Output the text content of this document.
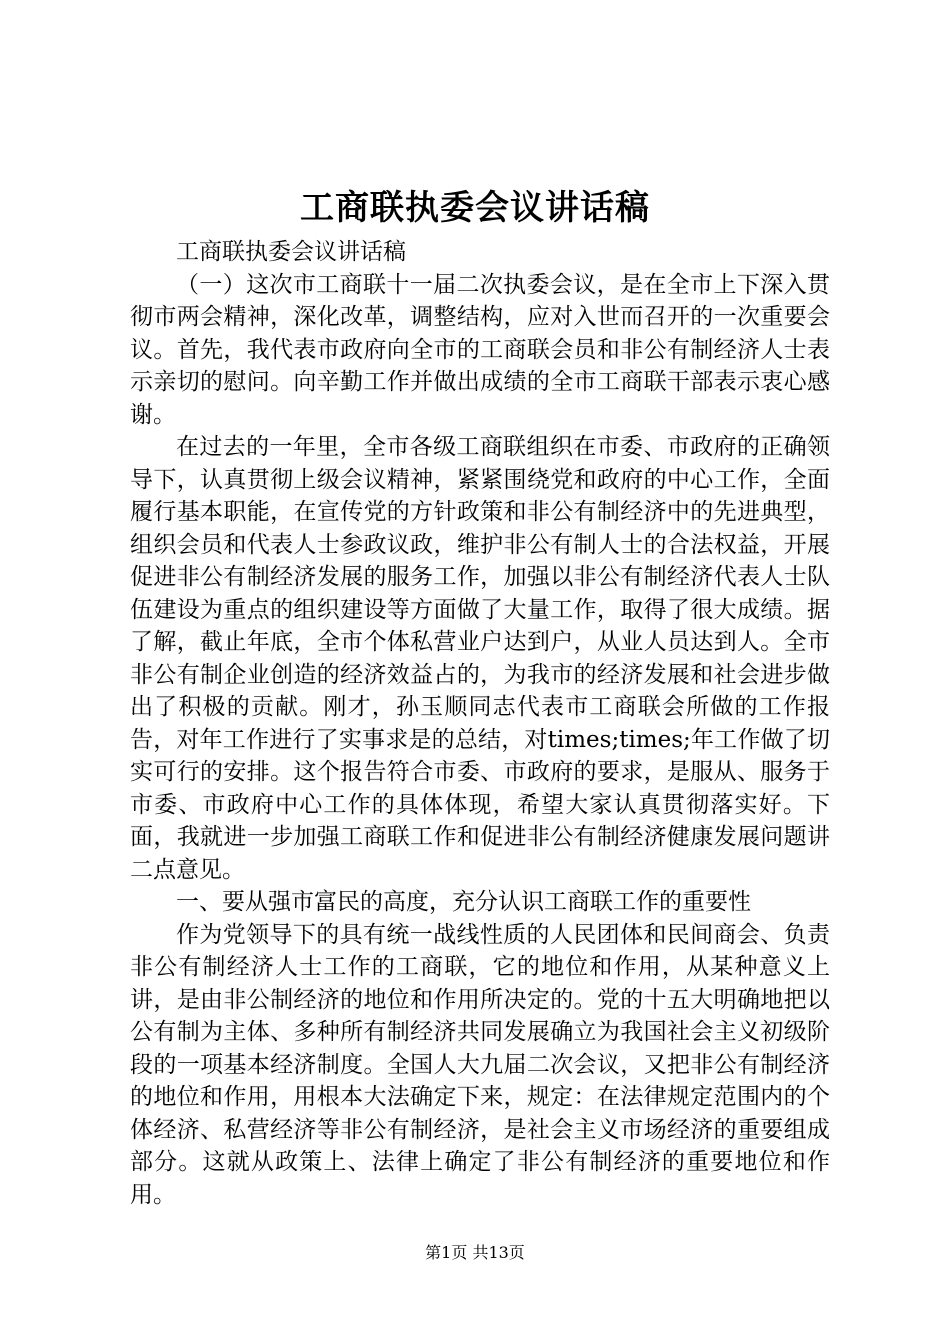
工商联执委会议讲话稿

工商联执委会议讲话稿

（一）这次市工商联十一届二次执委会议，是在全市上下深入贯彻市两会精神，深化改革，调整结构，应对入世而召开的一次重要会议。首先，我代表市政府向全市的工商联会员和非公有制经济人士表示亲切的慰问。向辛勤工作并做出成绩的全市工商联干部表示衷心感谢。

在过去的一年里，全市各级工商联组织在市委、市政府的正确领导下，认真贯彻上级会议精神，紧紧围绕党和政府的中心工作，全面履行基本职能，在宣传党的方针政策和非公有制经济中的先进典型，组织会员和代表人士参政议政，维护非公有制人士的合法权益，开展促进非公有制经济发展的服务工作，加强以非公有制经济代表人士队伍建设为重点的组织建设等方面做了大量工作，取得了很大成绩。据了解，截止年底，全市个体私营业户达到户，从业人员达到人。全市非公有制企业创造的经济效益占的，为我市的经济发展和社会进步做出了积极的贡献。刚才，孙玉顺同志代表市工商联会所做的工作报告，对年工作进行了实事求是的总结，对times;times;年工作做了切实可行的安排。这个报告符合市委、市政府的要求，是服从、服务于市委、市政府中心工作的具体体现，希望大家认真贯彻落实好。下面，我就进一步加强工商联工作和促进非公有制经济健康发展问题讲二点意见。

一、要从强市富民的高度，充分认识工商联工作的重要性

作为党领导下的具有统一战线性质的人民团体和民间商会、负责非公有制经济人士工作的工商联，它的地位和作用，从某种意义上讲，是由非公制经济的地位和作用所决定的。党的十五大明确地把以公有制为主体、多种所有制经济共同发展确立为我国社会主义初级阶段的一项基本经济制度。全国人大九届二次会议，又把非公有制经济的地位和作用，用根本大法确定下来，规定：在法律规定范围内的个体经济、私营经济等非公有制经济，是社会主义市场经济的重要组成部分。这就从政策上、法律上确定了非公有制经济的重要地位和作用。

第1页 共13页
